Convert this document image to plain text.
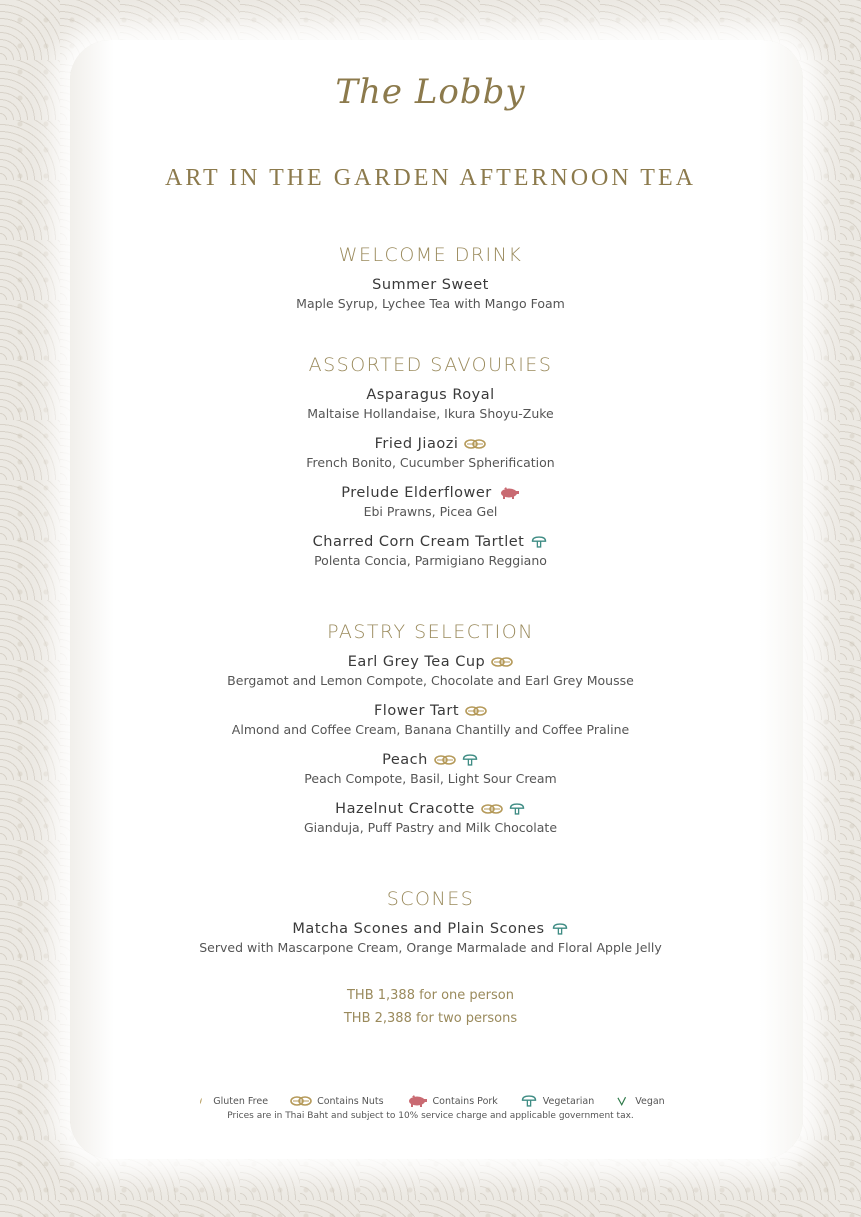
The Lobby
ART IN THE GARDEN AFTERNOON TEA
WELCOME DRINK
Summer Sweet
Maple Syrup, Lychee Tea with Mango Foam
ASSORTED SAVOURIES
Asparagus Royal
Maltaise Hollandaise, Ikura Shoyu-Zuke
Fried Jiaozi
French Bonito, Cucumber Spherification
Prelude Elderflower
Ebi Prawns, Picea Gel
Charred Corn Cream Tartlet
Polenta Concia, Parmigiano Reggiano
PASTRY SELECTION
Earl Grey Tea Cup
Bergamot and Lemon Compote, Chocolate and Earl Grey Mousse
Flower Tart
Almond and Coffee Cream, Banana Chantilly and Coffee Praline
Peach
Peach Compote, Basil, Light Sour Cream
Hazelnut Cracotte
Gianduja, Puff Pastry and Milk Chocolate
SCONES
Matcha Scones and Plain Scones
Served with Mascarpone Cream, Orange Marmalade and Floral Apple Jelly
THB 1,388 for one person
THB 2,388 for two persons
Gluten Free	Contains Nuts	Contains Pork	Vegetarian	Vegan
Prices are in Thai Baht and subject to 10% service charge and applicable government tax.
